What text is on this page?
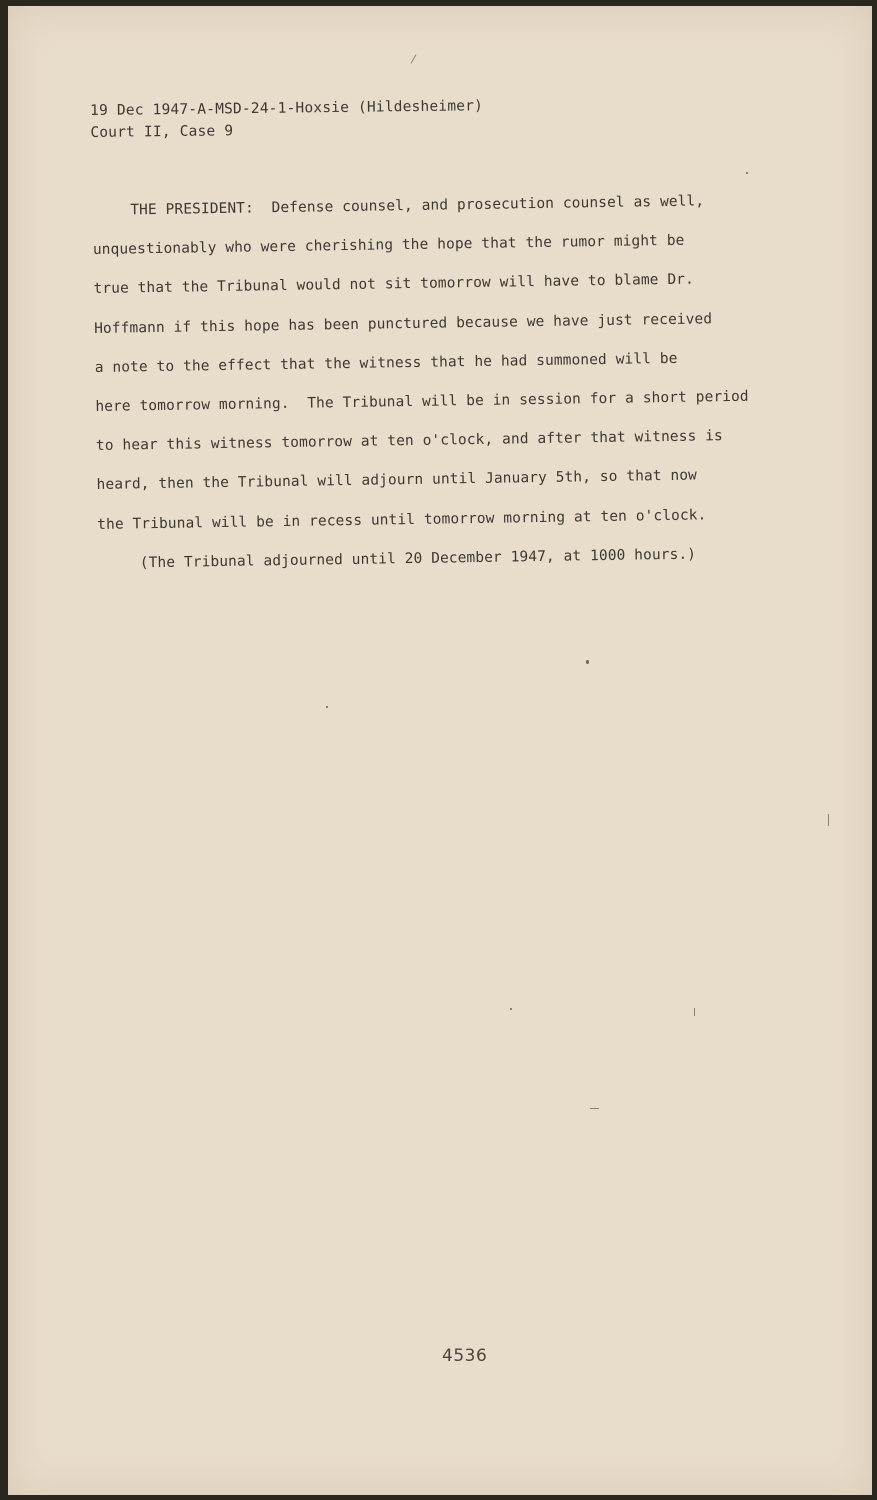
19 Dec 1947-A-MSD-24-1-Hoxsie (Hildesheimer)
Court II, Case 9
THE PRESIDENT:  Defense counsel, and prosecution counsel as well,
unquestionably who were cherishing the hope that the rumor might be
true that the Tribunal would not sit tomorrow will have to blame Dr.
Hoffmann if this hope has been punctured because we have just received
a note to the effect that the witness that he had summoned will be
here tomorrow morning.  The Tribunal will be in session for a short period
to hear this witness tomorrow at ten o'clock, and after that witness is
heard, then the Tribunal will adjourn until January 5th, so that now
the Tribunal will be in recess until tomorrow morning at ten o'clock.
(The Tribunal adjourned until 20 December 1947, at 1000 hours.)
4536
